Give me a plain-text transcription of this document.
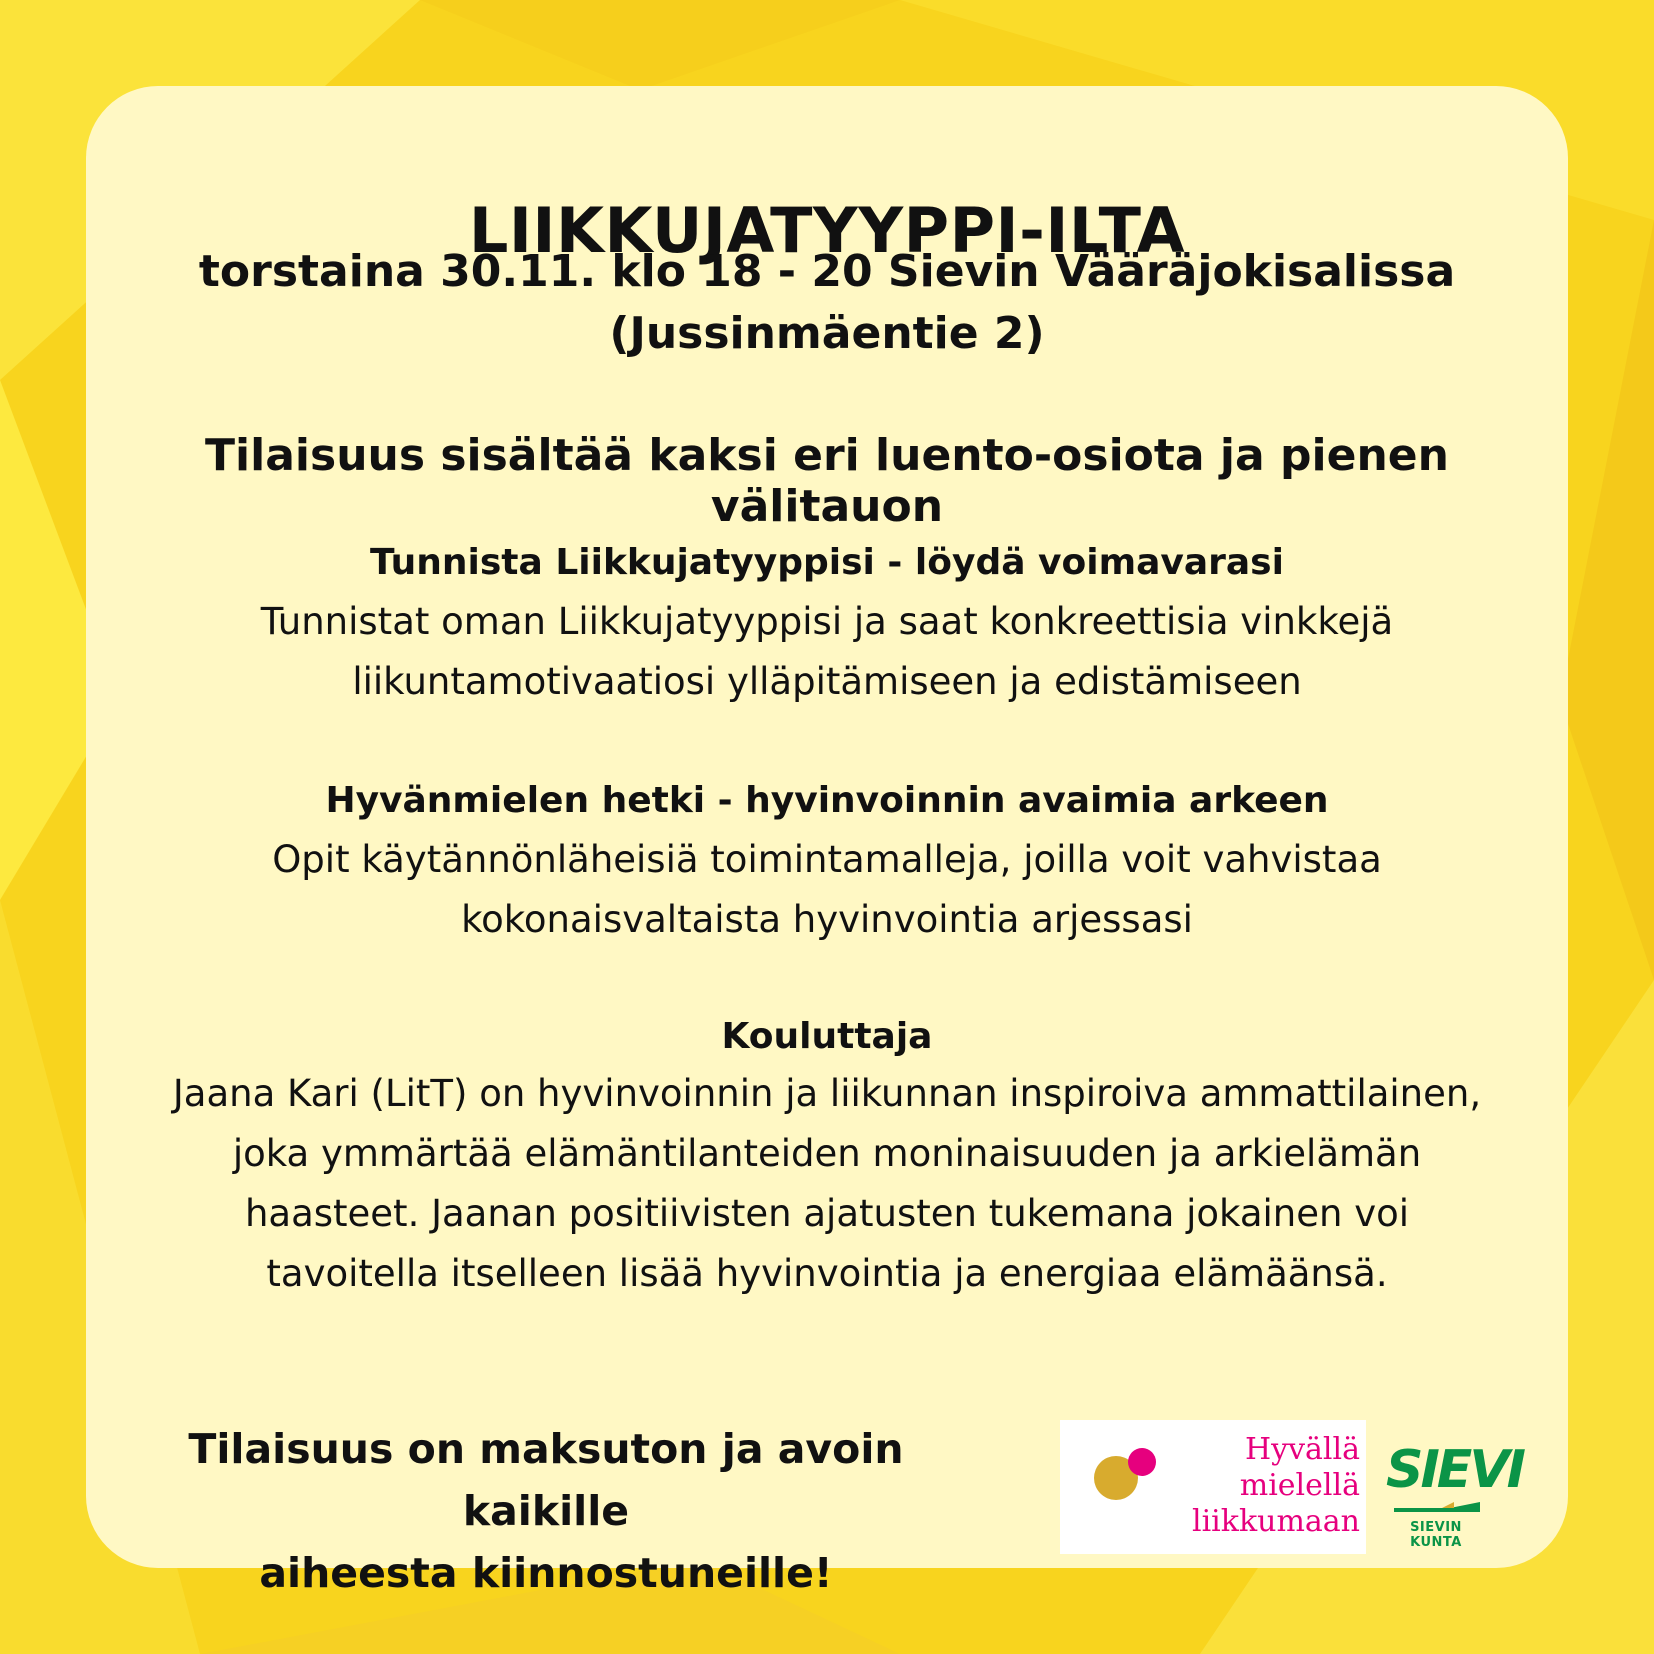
LIIKKUJATYYPPI-ILTA
torstaina 30.11. klo 18 - 20 Sievin Vääräjokisalissa
(Jussinmäentie 2)
Tilaisuus sisältää kaksi eri luento-osiota ja pienen välitauon
Tunnista Liikkujatyyppisi - löydä voimavarasi
Tunnistat oman Liikkujatyyppisi ja saat konkreettisia vinkkejä
liikuntamotivaatiosi ylläpitämiseen ja edistämiseen
Hyvänmielen hetki - hyvinvoinnin avaimia arkeen
Opit käytännönläheisiä toimintamalleja, joilla voit vahvistaa
kokonaisvaltaista hyvinvointia arjessasi
Kouluttaja
Jaana Kari (LitT) on hyvinvoinnin ja liikunnan inspiroiva ammattilainen,
joka ymmärtää elämäntilanteiden moninaisuuden ja arkielämän
haasteet. Jaanan positiivisten ajatusten tukemana jokainen voi
tavoitella itselleen lisää hyvinvointia ja energiaa elämäänsä.
Tilaisuus on maksuton ja avoin kaikille
aiheesta kiinnostuneille!
Hyvällä
mielellä
liikkumaan
SIEVI
SIEVIN KUNTA
